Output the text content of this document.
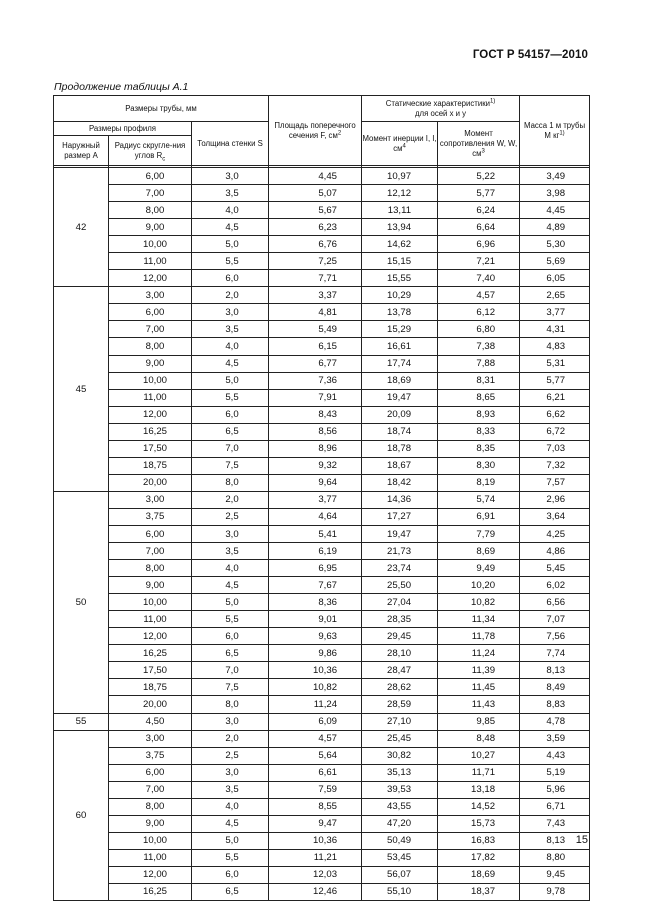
ГОСТ Р 54157—2010
Продолжение таблицы А.1
Размеры трубы, мм			Площадь поперечного сечения F, $см^2$	Статические характеристики$^{1)}$
для осей x и y		Масса 1 м трубы M $кг^{1)}$
Размеры профиля		Толщина стенки S		Момент инерции I, I, $см^4$	Момент сопротивления W, W, $см^3$
Наружный размер A	Радиус скругле-ния углов $R_с$

42	6,00	3,0	4,45	10,97	5,22	3,49
	7,00	3,5	5,07	12,12	5,77	3,98
	8,00	4,0	5,67	13,11	6,24	4,45
	9,00	4,5	6,23	13,94	6,64	4,89
	10,00	5,0	6,76	14,62	6,96	5,30
	11,00	5,5	7,25	15,15	7,21	5,69
	12,00	6,0	7,71	15,55	7,40	6,05
45	3,00	2,0	3,37	10,29	4,57	2,65
	6,00	3,0	4,81	13,78	6,12	3,77
	7,00	3,5	5,49	15,29	6,80	4,31
	8,00	4,0	6,15	16,61	7,38	4,83
	9,00	4,5	6,77	17,74	7,88	5,31
	10,00	5,0	7,36	18,69	8,31	5,77
	11,00	5,5	7,91	19,47	8,65	6,21
	12,00	6,0	8,43	20,09	8,93	6,62
	16,25	6,5	8,56	18,74	8,33	6,72
	17,50	7,0	8,96	18,78	8,35	7,03
	18,75	7,5	9,32	18,67	8,30	7,32
	20,00	8,0	9,64	18,42	8,19	7,57
50	3,00	2,0	3,77	14,36	5,74	2,96
	3,75	2,5	4,64	17,27	6,91	3,64
	6,00	3,0	5,41	19,47	7,79	4,25
	7,00	3,5	6,19	21,73	8,69	4,86
	8,00	4,0	6,95	23,74	9,49	5,45
	9,00	4,5	7,67	25,50	10,20	6,02
	10,00	5,0	8,36	27,04	10,82	6,56
	11,00	5,5	9,01	28,35	11,34	7,07
	12,00	6,0	9,63	29,45	11,78	7,56
	16,25	6,5	9,86	28,10	11,24	7,74
	17,50	7,0	10,36	28,47	11,39	8,13
	18,75	7,5	10,82	28,62	11,45	8,49
	20,00	8,0	11,24	28,59	11,43	8,83
55	4,50	3,0	6,09	27,10	9,85	4,78
60	3,00	2,0	4,57	25,45	8,48	3,59
	3,75	2,5	5,64	30,82	10,27	4,43
	6,00	3,0	6,61	35,13	11,71	5,19
	7,00	3,5	7,59	39,53	13,18	5,96
	8,00	4,0	8,55	43,55	14,52	6,71
	9,00	4,5	9,47	47,20	15,73	7,43
	10,00	5,0	10,36	50,49	16,83	8,13
	11,00	5,5	11,21	53,45	17,82	8,80
	12,00	6,0	12,03	56,07	18,69	9,45
	16,25	6,5	12,46	55,10	18,37	9,78
15
